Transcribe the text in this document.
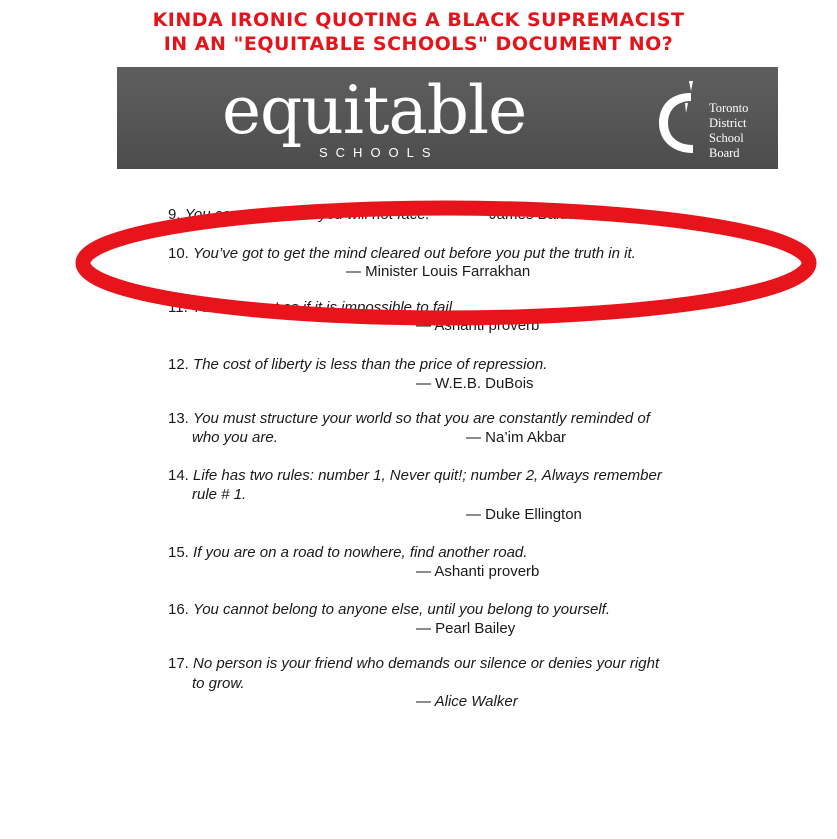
KINDA IRONIC QUOTING A BLACK SUPREMACIST
IN AN "EQUITABLE SCHOOLS" DOCUMENT NO?
equitable
SCHOOLS
Toronto
District
School
Board
9. You cannot fix what you will not face.	— James Baldwin
10. You’ve got to get the mind cleared out before you put the truth in it.
— Minister Louis Farrakhan
11. You must act as if it is impossible to fail.
— Ashanti proverb
12. The cost of liberty is less than the price of repression.
— W.E.B. DuBois
13. You must structure your world so that you are constantly reminded of
who you are.	— Na’im Akbar
14. Life has two rules: number 1, Never quit!; number 2, Always remember
rule # 1.
— Duke Ellington
15. If you are on a road to nowhere, find another road.
— Ashanti proverb
16. You cannot belong to anyone else, until you belong to yourself.
— Pearl Bailey
17. No person is your friend who demands our silence or denies your right
to grow.
— Alice Walker
